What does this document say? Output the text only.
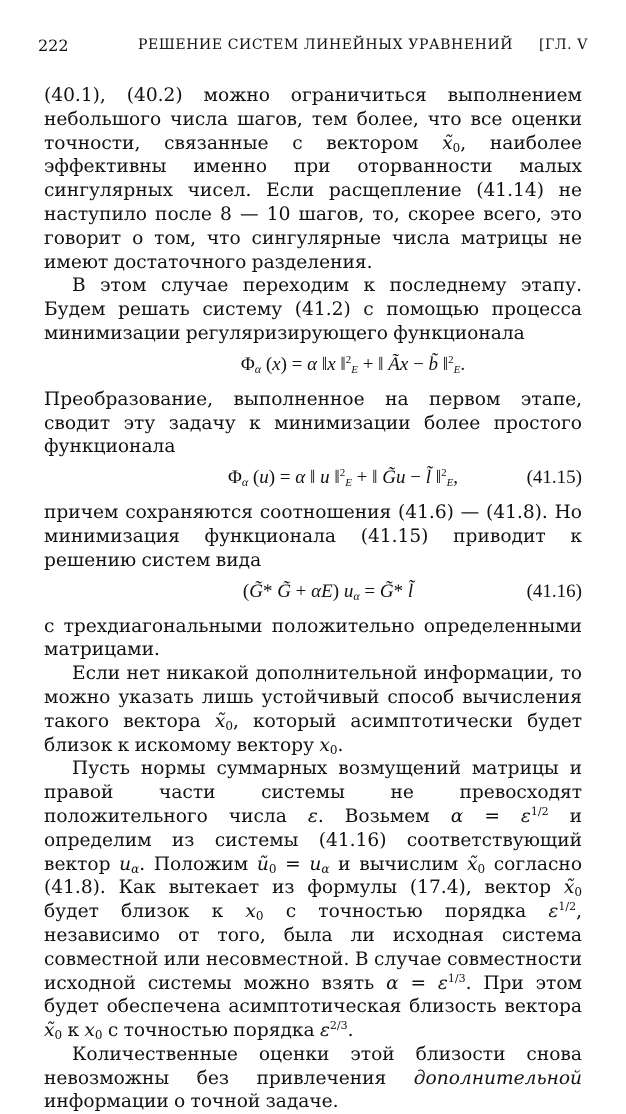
222	РЕШЕНИЕ СИСТЕМ ЛИНЕЙНЫХ УРАВНЕНИЙ [ГЛ. V

(40.1), (40.2) можно ограничиться выполнением небольшого числа шагов, тем более, что все оценки точности, связанные с вектором $x̃_0$, наиболее эффективны именно при оторванности малых сингулярных чисел. Если расщепление (41.14) не наступило после 8 — 10 шагов, то, скорее всего, это говорит о том, что сингулярные числа матрицы не имеют достаточного разделения.

В этом случае переходим к последнему этапу. Будем решать систему (41.2) с помощью процесса минимизации регуляризирующего функционала

$\Phi_\alpha$ (x) = α ‖x ‖$^2_E$ + ‖ Ãx − b̃ ‖$^2_E$.

Преобразование, выполненное на первом этапе, сводит эту задачу к минимизации более простого функционала

$\Phi_\alpha$ (u) = α ‖ u ‖$^2_E$ + ‖ G̃u − l̃ ‖$^2_E$,	(41.15)

причем сохраняются соотношения (41.6) — (41.8). Но минимизация функционала (41.15) приводит к решению систем вида

(G̃* G̃ + αE) $u_\alpha$ = G̃* l̃	(41.16)

с трехдиагональными положительно определенными матрицами.

Если нет никакой дополнительной информации, то можно указать лишь устойчивый способ вычисления такого вектора $x̃_0$, который асимптотически будет близок к искомому вектору $x_0$.

Пусть нормы суммарных возмущений матрицы и правой части системы не превосходят положительного числа ε. Возьмем $\alpha = \varepsilon^{1/2}$ и определим из системы (41.16) соответствующий вектор $u_\alpha$. Положим $ũ_0 = u_\alpha$ и вычислим $x̃_0$ согласно (41.8). Как вытекает из формулы (17.4), вектор $x̃_0$ будет близок к $x_0$ с точностью порядка $\varepsilon^{1/2}$, независимо от того, была ли исходная система совместной или несовместной. В случае совместности исходной системы можно взять $\alpha = \varepsilon^{1/3}$. При этом будет обеспечена асимптотическая близость вектора $x̃_0$ к $x_0$ с точностью порядка $\varepsilon^{2/3}$.

Количественные оценки этой близости снова невозможны без привлечения дополнительной информации о точной задаче.
